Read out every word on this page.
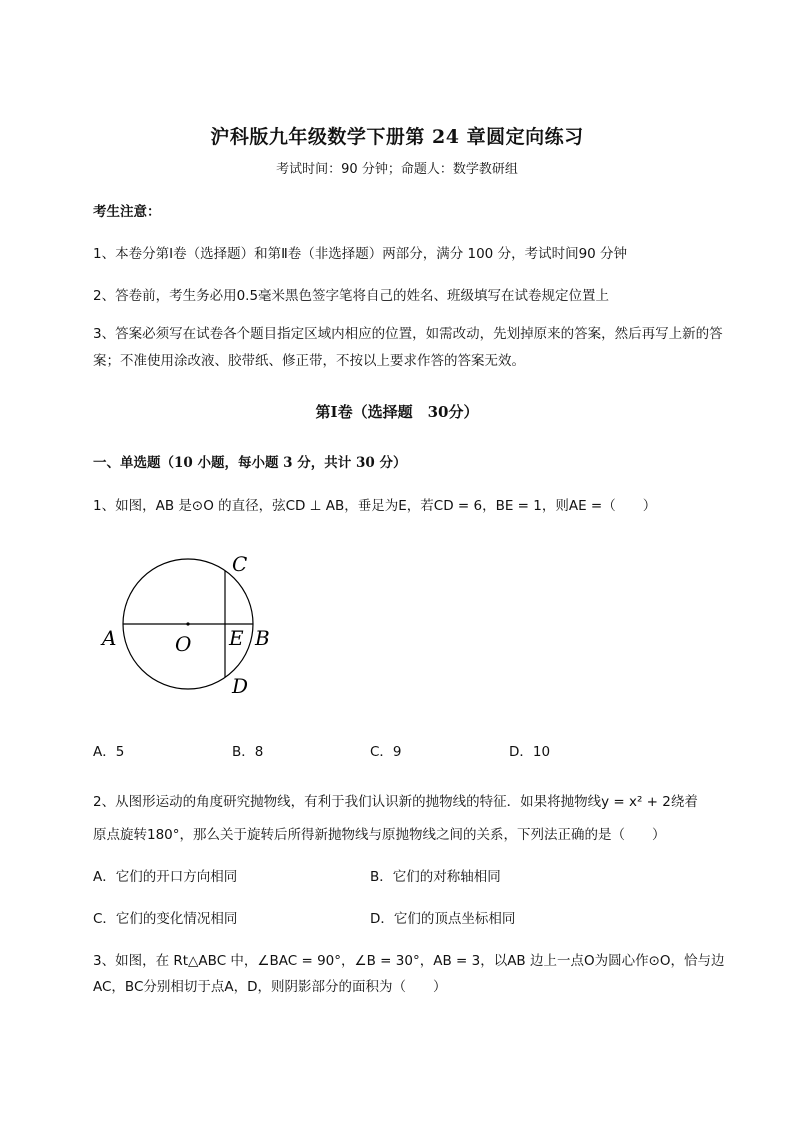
沪科版九年级数学下册第 24 章圆定向练习
考试时间：90 分钟；命题人：数学教研组
考生注意：
1、本卷分第Ⅰ卷（选择题）和第Ⅱ卷（非选择题）两部分，满分 100 分，考试时间90 分钟
2、答卷前，考生务必用0.5毫米黑色签字笔将自己的姓名、班级填写在试卷规定位置上
3、答案必须写在试卷各个题目指定区域内相应的位置，如需改动，先划掉原来的答案，然后再写上新的答案；不准使用涂改液、胶带纸、修正带，不按以上要求作答的答案无效。
第Ⅰ卷（选择题　30分）
一、单选题（10 小题，每小题 3 分，共计 30 分）
1、如图，AB 是⊙O 的直径，弦CD ⊥ AB，垂足为E，若CD = 6，BE = 1，则AE =（　　）
A	O E B
C
D
A．5	B．8	C．9	D．10
2、从图形运动的角度研究抛物线，有利于我们认识新的抛物线的特征．如果将抛物线y = x² + 2绕着
原点旋转180°，那么关于旋转后所得新抛物线与原抛物线之间的关系，下列法正确的是（　　）
A．它们的开口方向相同	B．它们的对称轴相同
C．它们的变化情况相同	D．它们的顶点坐标相同
3、如图，在 Rt△ABC 中，∠BAC = 90°，∠B = 30°，AB = 3，以AB 边上一点O为圆心作⊙O，恰与边
AC，BC分别相切于点A，D，则阴影部分的面积为（　　）
